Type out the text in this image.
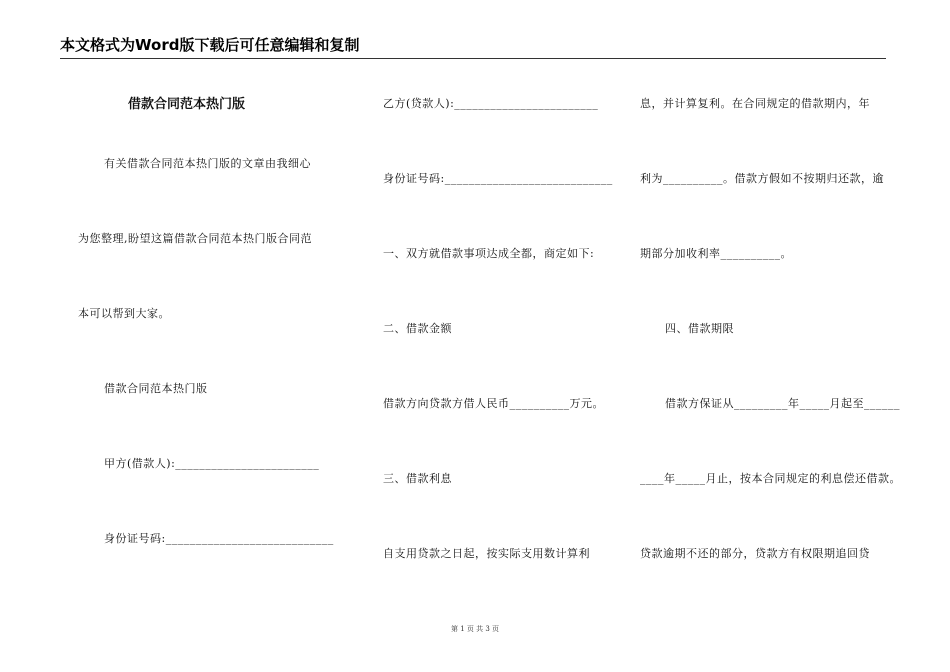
本文格式为Word版下载后可任意编辑和复制
借款合同范本热门版
有关借款合同范本热门版的文章由我细心
为您整理,盼望这篇借款合同范本热门版合同范
本可以帮到大家。
借款合同范本热门版
甲方(借款人):________________________
身份证号码:____________________________
乙方(贷款人):________________________
身份证号码:____________________________
一、双方就借款事项达成全都，商定如下:
二、借款金额
借款方向贷款方借人民币__________万元。
三、借款利息
自支用贷款之日起，按实际支用数计算利
息，并计算复利。在合同规定的借款期内，年
利为__________。借款方假如不按期归还款，逾
期部分加收利率__________。
四、借款期限
借款方保证从_________年_____月起至______
____年_____月止，按本合同规定的利息偿还借款。
贷款逾期不还的部分，贷款方有权限期追回贷
第 1 页 共 3 页
